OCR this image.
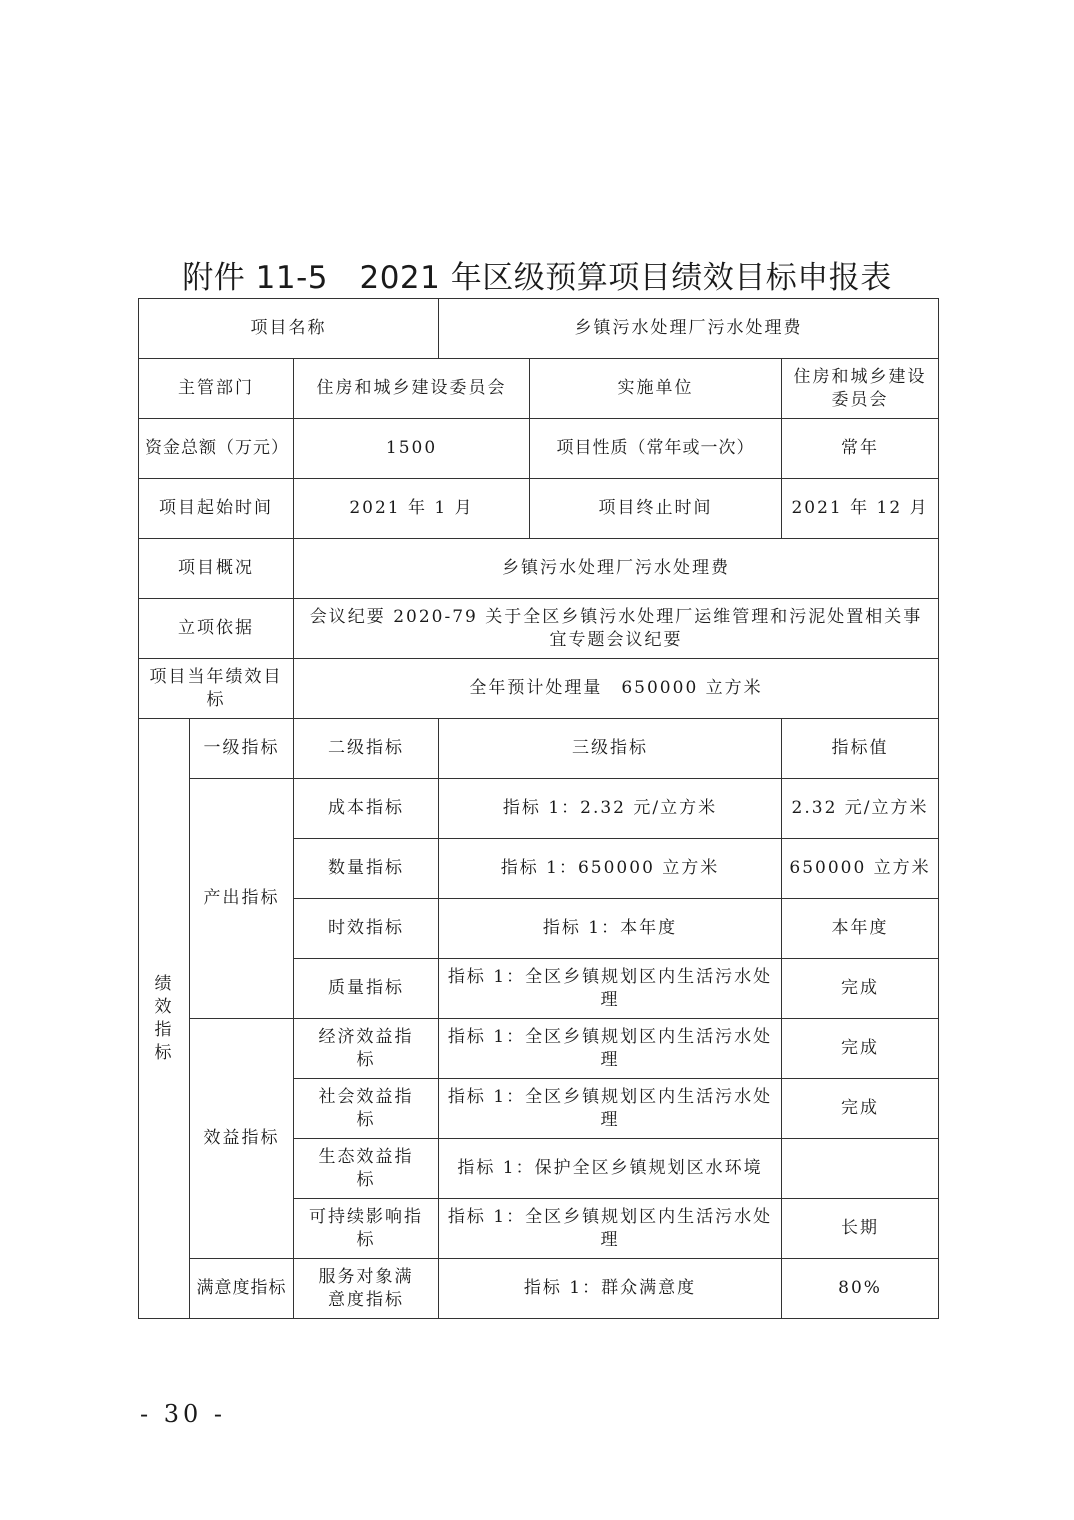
附件 11-5　2021 年区级预算项目绩效目标申报表
项目名称			乡镇污水处理厂污水处理费		
主管部门		住房和城乡建设委员会		实施单位	住房和城乡建设委员会
资金总额（万元）		1500		项目性质（常年或一次）	常年
项目起始时间		2021 年 1 月		项目终止时间	2021 年 12 月
项目概况		乡镇污水处理厂污水处理费			
立项依据		会议纪要 2020-79 关于全区乡镇污水处理厂运维管理和污泥处置相关事宜专题会议纪要			
项目当年绩效目标		全年预计处理量　650000 立方米			

绩
效
指
标	一级指标	二级指标	三级指标		指标值
	产出指标	成本指标	指标 1：2.32 元/立方米		2.32 元/立方米
		数量指标	指标 1：650000 立方米		650000 立方米
		时效指标	指标 1：本年度		本年度
		质量指标	指标 1：全区乡镇规划区内生活污水处理		完成
	效益指标	经济效益指标	指标 1：全区乡镇规划区内生活污水处理		完成
		社会效益指标	指标 1：全区乡镇规划区内生活污水处理		完成
		生态效益指标	指标 1：保护全区乡镇规划区水环境		
		可持续影响指标	指标 1：全区乡镇规划区内生活污水处理		长期
	满意度指标	服务对象满意度指标	指标 1：群众满意度		80%
- 30 -
